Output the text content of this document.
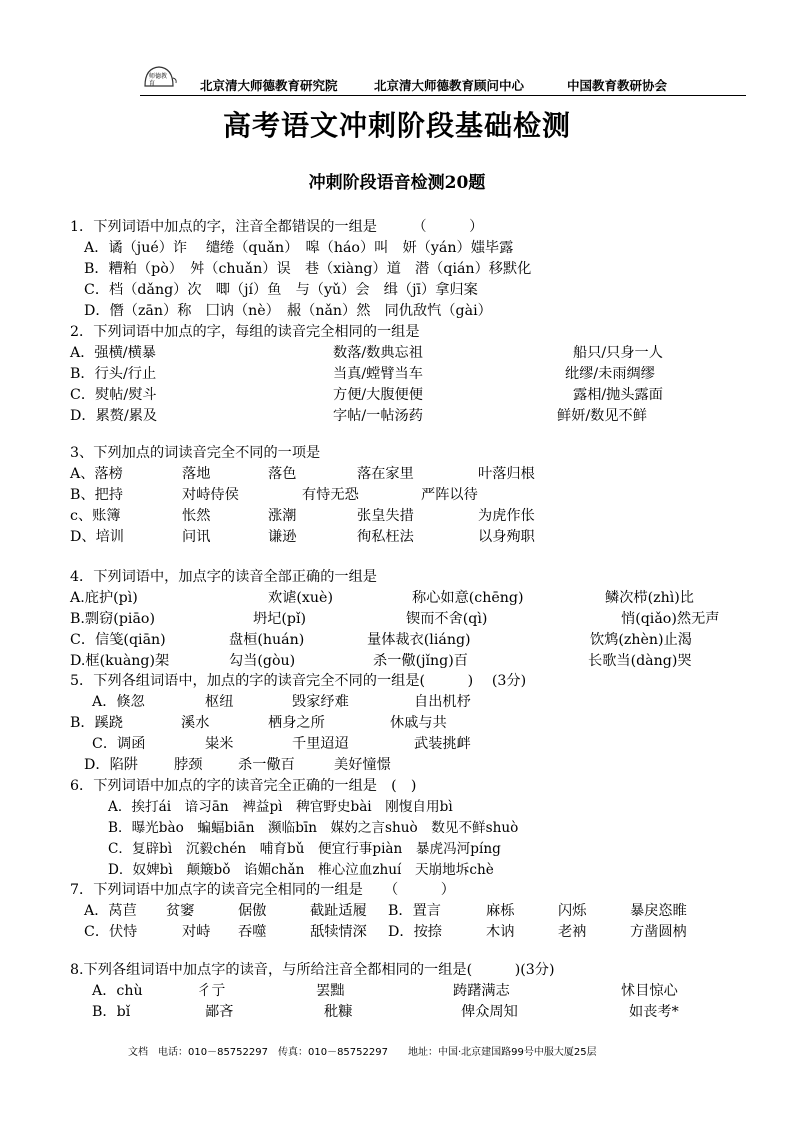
师德教育	北京清大师德教育研究院	北京清大师德教育顾问中心	中国教育教研协会
高考语文冲刺阶段基础检测
冲刺阶段语音检测20题
1．下列词语中加点的字，注音全都错误的一组是　　　（　　　）
A．谲（jué）诈　 缱绻（quǎn）　嗥（háo）叫　妍（yán）媸毕露
B．糟粕（pò）　舛（chuǎn）误　巷（xiàng）道　潜（qián）移默化
C．档（dǎng）次　唧（jí）鱼　与（yǔ）会　缉（jī）拿归案
D．僭（zān）称　囗讷（nè）　赧（nǎn）然　同仇敌忾（gài）
2．下列词语中加点的字，每组的读音完全相同的一组是
A．强横/横暴	数落/数典忘祖	船只/只身一人
B．行头/行止	当真/螳臂当车	纰缪/未雨绸缪
C．熨帖/熨斗	方便/大腹便便	露相/抛头露面
D．累赘/累及	字帖/一帖汤药	鲜妍/数见不鲜
3、下列加点的词读音完全不同的一项是
A、落榜	落地	落色	落在家里	叶落归根
B、把持	对峙侍侯	有恃无恐	严阵以待
c、账簿	怅然	涨潮	张皇失措	为虎作伥
D、培训	问讯	谦逊	徇私枉法	以身殉职
4．下列词语中，加点字的读音全部正确的一组是
A.庇护(pì)	欢谑(xuè)	称心如意(chēng)	鳞次栉(zhì)比
B.剽窃(piāo)	坍圮(pǐ)	锲而不舍(qì)	悄(qiǎo)然无声
C．信笺(qiān)	盘桓(huán)	量体裁衣(liáng)	饮鸩(zhèn)止渴
D.框(kuàng)架	勾当(gòu)	杀一儆(jǐng)百	长歌当(dàng)哭
5．下列各组词语中，加点的字的读音完全不同的一组是(　　　)　 (3分)
A．倏忽	枢纽	毁家纾难	自出机杼
B．蹊跷	溪水	栖身之所	休戚与共
C．调函	粜米	千里迢迢	武装挑衅
D．陷阱	脖颈	杀一儆百	美好憧憬
6．下列词语中加点的字的读音完全正确的一组是　(　)
A．挨打ái　谙习ān　裨益pì　稗官野史bài　刚愎自用bì
B．曝光bào　蝙蝠biān　濒临bīn　媒妁之言shuò　数见不鲜shuò
C．复辟bì　沉毅chén　哺育bǔ　便宜行事piàn　暴虎冯河píng
D．奴婢bì　颠簸bǒ　谄媚chǎn　椎心泣血zhuí　天崩地坼chè
7．下列词语中加点字的读音完全相同的一组是　　（　　　）
A．莴苣 贫窭	倨傲	截趾适履 B．置言	麻栎	闪烁	暴戾恣睢
C．伏恃	对峙 吞噬	舐犊情深 D．按捺	木讷	老衲	方凿圆枘
8.下列各组词语中加点字的读音，与所给注音全都相同的一组是(　　　)(3分)
A．chù	彳亍	罢黜	踌躇满志	怵目惊心
B．bǐ	鄙吝	秕糠	俾众周知	如丧考*
文档　电话：010－85752297　传真：010－85752297　　地址：中国·北京建国路99号中服大厦25层
